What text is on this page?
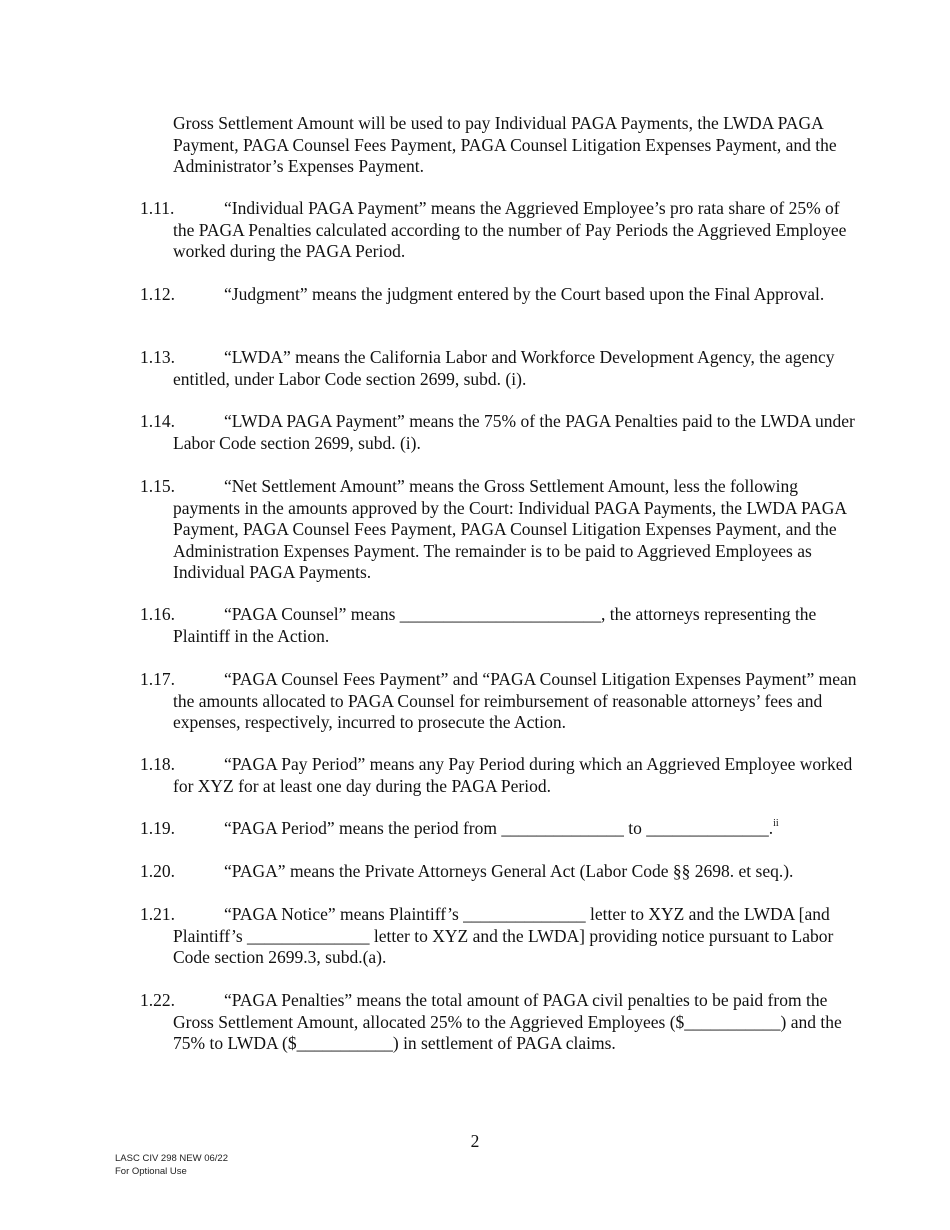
Gross Settlement Amount will be used to pay Individual PAGA Payments, the LWDA PAGA Payment, PAGA Counsel Fees Payment, PAGA Counsel Litigation Expenses Payment, and the Administrator’s Expenses Payment.

1.11.	“Individual PAGA Payment” means the Aggrieved Employee’s pro rata share of 25% of the PAGA Penalties calculated according to the number of Pay Periods the Aggrieved Employee worked during the PAGA Period.

1.12.	“Judgment” means the judgment entered by the Court based upon the Final Approval.

1.13.	“LWDA” means the California Labor and Workforce Development Agency, the agency entitled, under Labor Code section 2699, subd. (i).

1.14.	“LWDA PAGA Payment” means the 75% of the PAGA Penalties paid to the LWDA under Labor Code section 2699, subd. (i).

1.15.	“Net Settlement Amount” means the Gross Settlement Amount, less the following payments in the amounts approved by the Court: Individual PAGA Payments, the LWDA PAGA Payment, PAGA Counsel Fees Payment, PAGA Counsel Litigation Expenses Payment, and the Administration Expenses Payment. The remainder is to be paid to Aggrieved Employees as Individual PAGA Payments.

1.16.	“PAGA Counsel” means _______________________, the attorneys representing the Plaintiff in the Action.

1.17.	“PAGA Counsel Fees Payment” and “PAGA Counsel Litigation Expenses Payment” mean the amounts allocated to PAGA Counsel for reimbursement of reasonable attorneys’ fees and expenses, respectively, incurred to prosecute the Action.

1.18.	“PAGA Pay Period” means any Pay Period during which an Aggrieved Employee worked for XYZ for at least one day during the PAGA Period.

1.19.	“PAGA Period” means the period from ______________ to ______________.$^{ii}$

1.20.	“PAGA” means the Private Attorneys General Act (Labor Code §§ 2698. et seq.).

1.21.	“PAGA Notice” means Plaintiff’s ______________ letter to XYZ and the LWDA [and Plaintiff’s ______________ letter to XYZ and the LWDA] providing notice pursuant to Labor Code section 2699.3, subd.(a).

1.22.	“PAGA Penalties” means the total amount of PAGA civil penalties to be paid from the Gross Settlement Amount, allocated 25% to the Aggrieved Employees ($___________) and the 75% to LWDA ($___________) in settlement of PAGA claims.

2
LASC CIV 298 NEW 06/22
For Optional Use
